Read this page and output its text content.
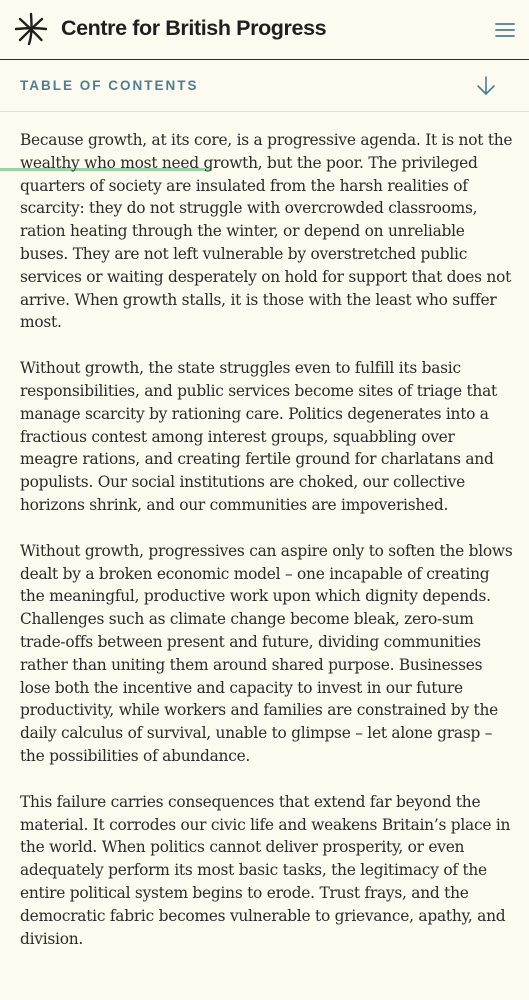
Centre for British Progress
TABLE OF CONTENTS

Because growth, at its core, is a progressive agenda. It is not the wealthy who most need growth, but the poor. The privileged quarters of society are insulated from the harsh realities of scarcity: they do not struggle with overcrowded classrooms, ration heating through the winter, or depend on unreliable buses. They are not left vulnerable by overstretched public services or waiting desperately on hold for support that does not arrive. When growth stalls, it is those with the least who suffer most.

Without growth, the state struggles even to fulfill its basic responsibilities, and public services become sites of triage that manage scarcity by rationing care. Politics degenerates into a fractious contest among interest groups, squabbling over meagre rations, and creating fertile ground for charlatans and populists. Our social institutions are choked, our collective horizons shrink, and our communities are impoverished.

Without growth, progressives can aspire only to soften the blows dealt by a broken economic model – one incapable of creating the meaningful, productive work upon which dignity depends. Challenges such as climate change become bleak, zero-sum trade-offs between present and future, dividing communities rather than uniting them around shared purpose. Businesses lose both the incentive and capacity to invest in our future productivity, while workers and families are constrained by the daily calculus of survival, unable to glimpse – let alone grasp – the possibilities of abundance.

This failure carries consequences that extend far beyond the material. It corrodes our civic life and weakens Britain’s place in the world. When politics cannot deliver prosperity, or even adequately perform its most basic tasks, the legitimacy of the entire political system begins to erode. Trust frays, and the democratic fabric becomes vulnerable to grievance, apathy, and division.
